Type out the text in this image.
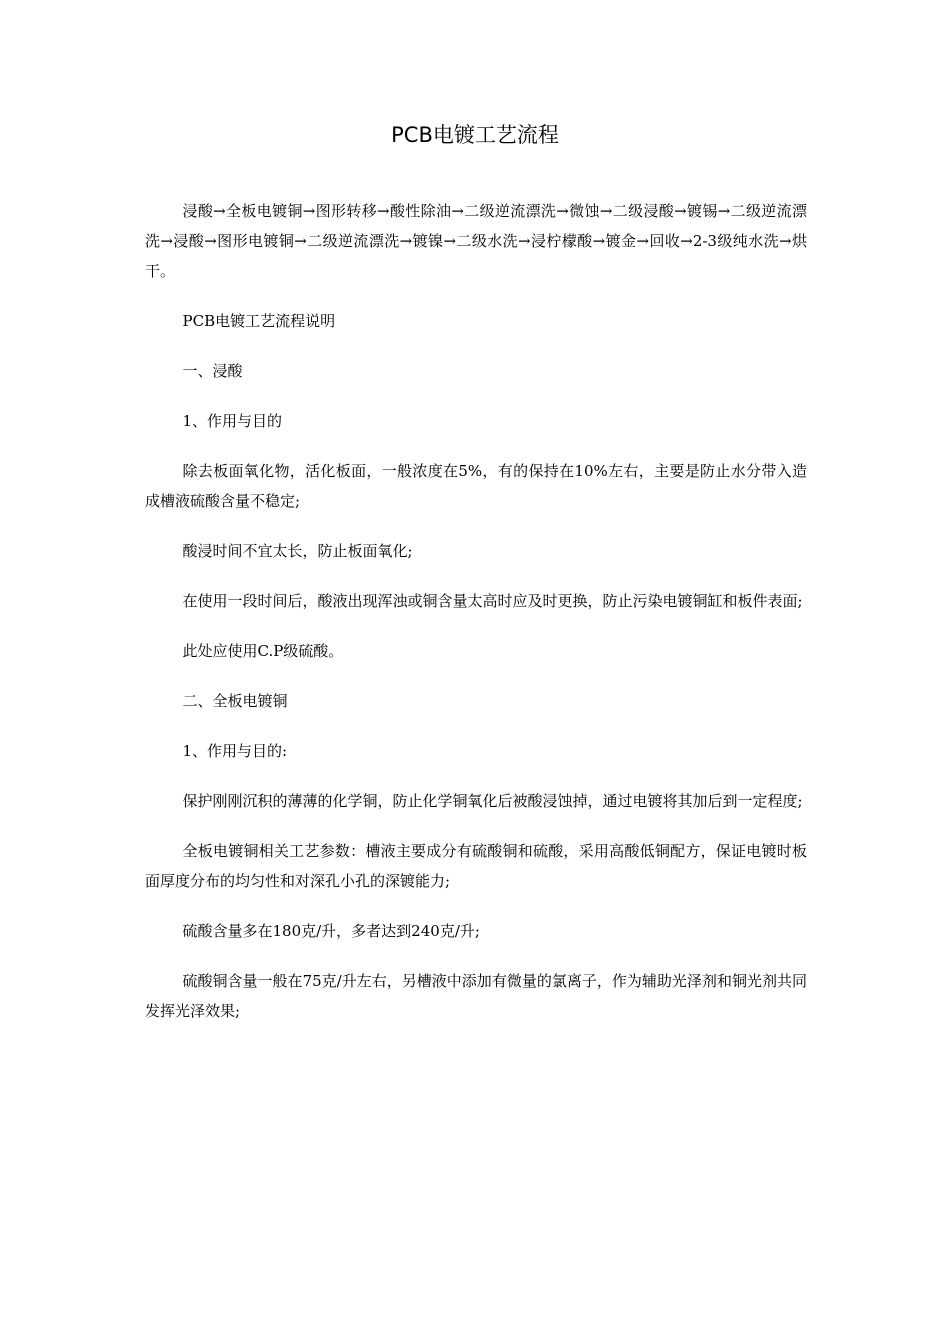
PCB电镀工艺流程

浸酸→全板电镀铜→图形转移→酸性除油→二级逆流漂洗→微蚀→二级浸酸→镀锡→二级逆流漂洗→浸酸→图形电镀铜→二级逆流漂洗→镀镍→二级水洗→浸柠檬酸→镀金→回收→2-3级纯水洗→烘干。

PCB电镀工艺流程说明

一、浸酸

1、作用与目的

除去板面氧化物，活化板面，一般浓度在5%，有的保持在10%左右，主要是防止水分带入造成槽液硫酸含量不稳定;

酸浸时间不宜太长，防止板面氧化;

在使用一段时间后，酸液出现浑浊或铜含量太高时应及时更换，防止污染电镀铜缸和板件表面;

此处应使用C.P级硫酸。

二、全板电镀铜

1、作用与目的:

保护刚刚沉积的薄薄的化学铜，防止化学铜氧化后被酸浸蚀掉，通过电镀将其加后到一定程度;

全板电镀铜相关工艺参数：槽液主要成分有硫酸铜和硫酸，采用高酸低铜配方，保证电镀时板面厚度分布的均匀性和对深孔小孔的深镀能力;

硫酸含量多在180克/升，多者达到240克/升;

硫酸铜含量一般在75克/升左右，另槽液中添加有微量的氯离子，作为辅助光泽剂和铜光剂共同发挥光泽效果;
